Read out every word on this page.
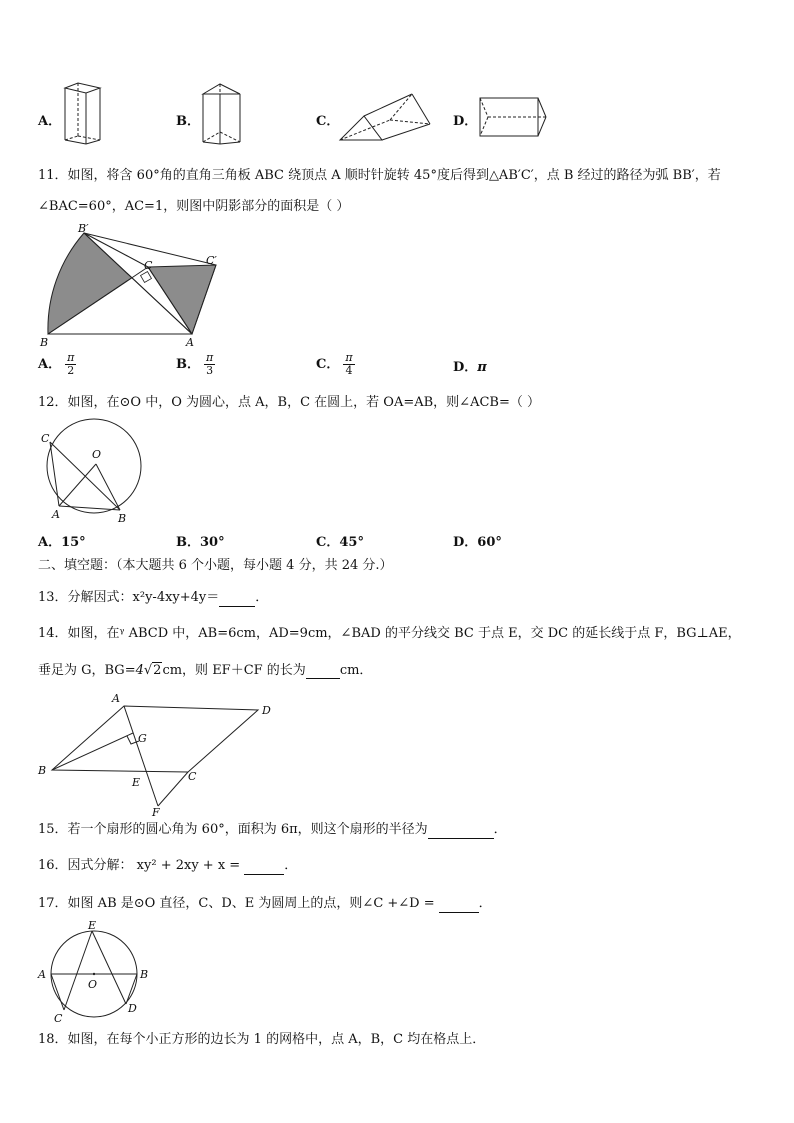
A．	B．	C．	D．
11．如图，将含 60°角的直角三角板 ABC 绕顶点 A 顺时针旋转 45°度后得到△AB′C′，点 B 经过的路径为弧 BB′，若
∠BAC=60°，AC=1，则图中阴影部分的面积是（ ）
B′
C′
C
B	A
A． $\frac{\pi}{2}$	B． $\frac{\pi}{3}$	C． $\frac{\pi}{4}$	D．π
12．如图，在⊙O 中，O 为圆心，点 A，B，C 在圆上，若 OA=AB，则∠ACB=（ ）
C
O
A	B
A．15°	B．30°	C．45°	D．60°
二、填空题：（本大题共 6 个小题，每小题 4 分，共 24 分.）
13．分解因式：x²y-4xy+4y＝	．
14．如图，在ᵞ ABCD 中，AB=6cm，AD=9cm，∠BAD 的平分线交 BC 于点 E，交 DC 的延长线于点 F，BG⊥AE，
垂足为 G，BG= 4 √ 2 cm，则 EF＋CF 的长为
	cm．
A
D
G
B
E	C
F
15．若一个扇形的圆心角为 60°，面积为 6π，则这个扇形的半径为	．
16．因式分解： xy² + 2xy + x =	．
17．如图 AB 是⊙O 直径，C、D、E 为圆周上的点，则∠C +∠D =	．
E
A	B
O
C
D
18．如图，在每个小正方形的边长为 1 的网格中，点 A，B，C 均在格点上．
